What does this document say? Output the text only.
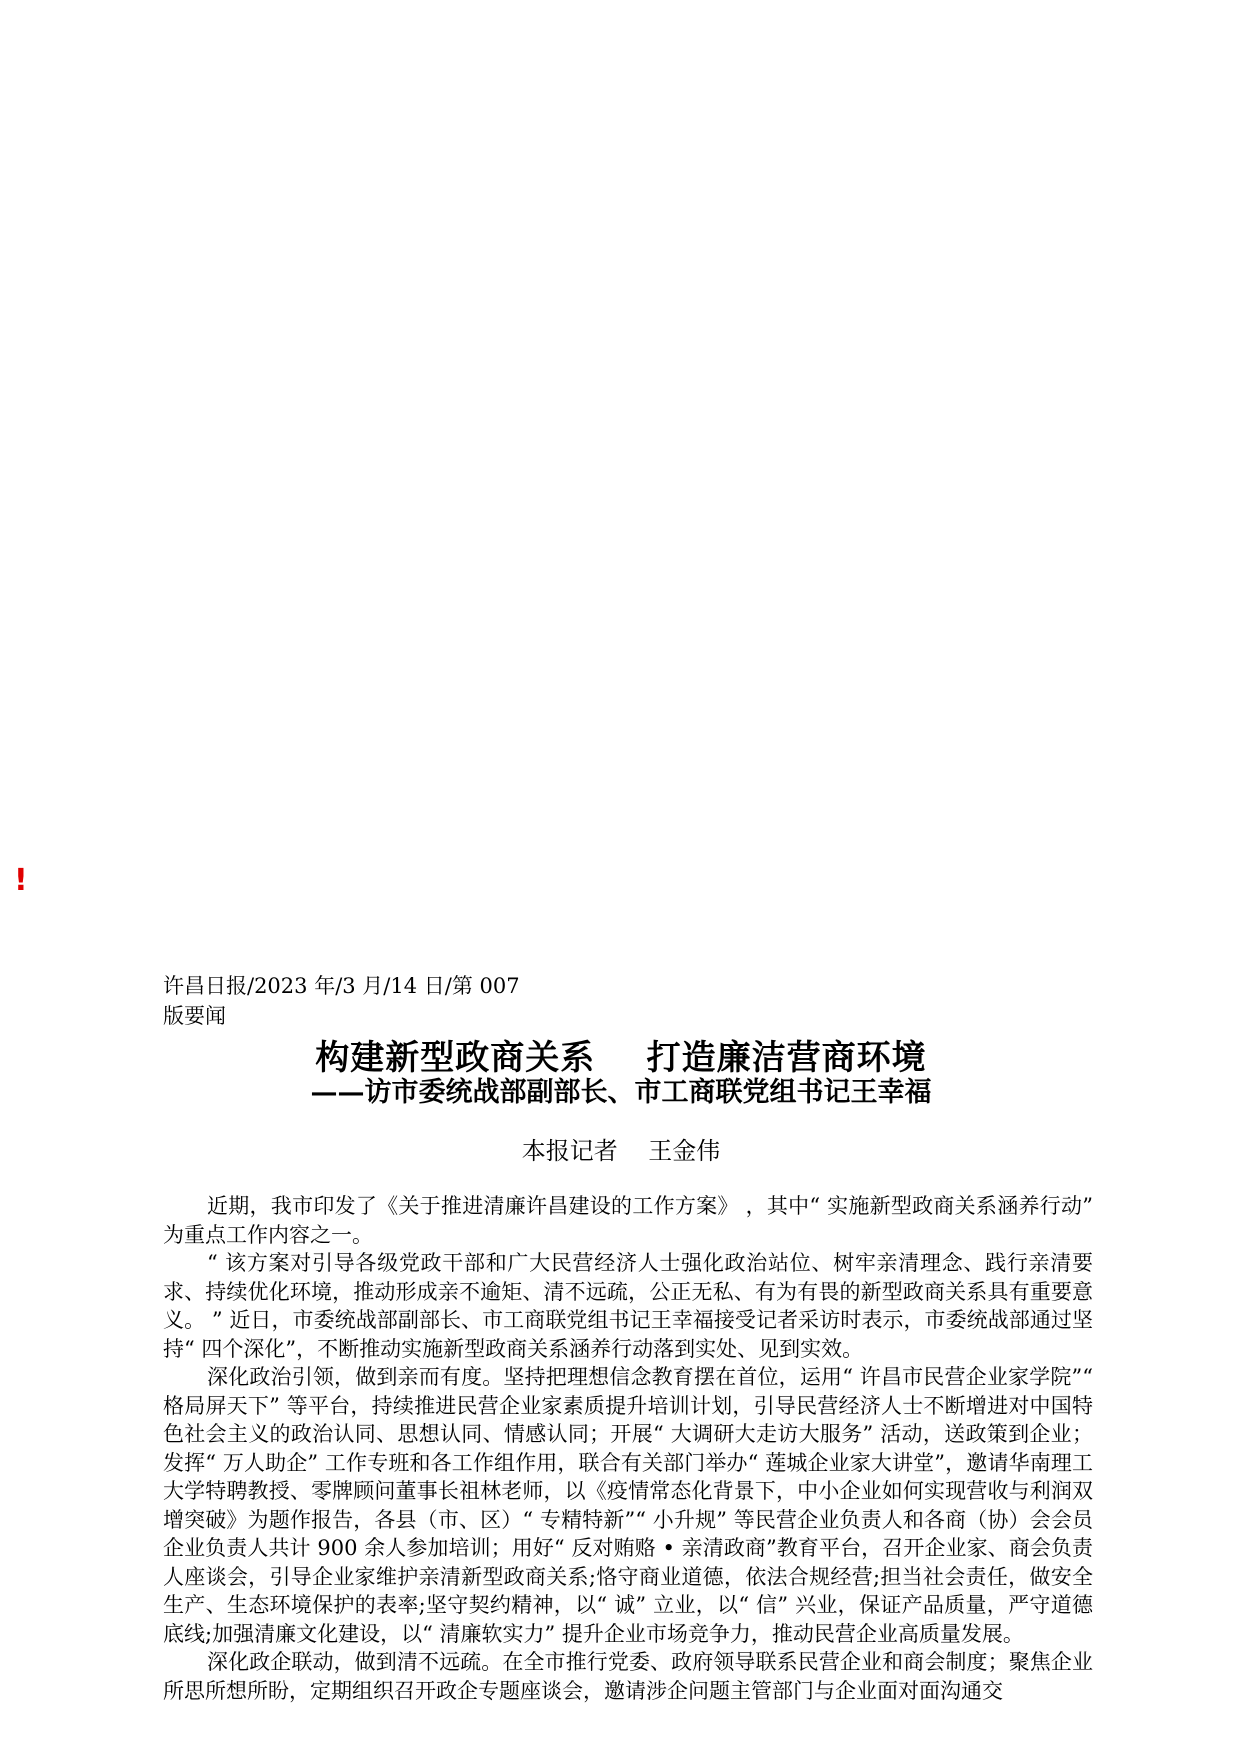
!
许昌日报/2023 年/3 月/14 日/第 007
版要闻
构建新型政商关系    打造廉洁营商环境
——访市委统战部副部长、市工商联党组书记王幸福
本报记者    王金伟

近期，我市印发了《关于推进清廉许昌建设的工作方案》 ，其中“ 实施新型政商关系涵养行动” 为重点工作内容之一。

“ 该方案对引导各级党政干部和广大民营经济人士强化政治站位、树牢亲清理念、践行亲清要求、持续优化环境，推动形成亲不逾矩、清不远疏，公正无私、有为有畏的新型政商关系具有重要意义。 ” 近日，市委统战部副部长、市工商联党组书记王幸福接受记者采访时表示，市委统战部通过坚持“ 四个深化”，不断推动实施新型政商关系涵养行动落到实处、见到实效。

深化政治引领，做到亲而有度。坚持把理想信念教育摆在首位，运用“ 许昌市民营企业家学院”“ 格局屏天下” 等平台，持续推进民营企业家素质提升培训计划，引导民营经济人士不断增进对中国特色社会主义的政治认同、思想认同、情感认同；开展“ 大调研大走访大服务” 活动，送政策到企业；发挥“ 万人助企” 工作专班和各工作组作用，联合有关部门举办“ 莲城企业家大讲堂”，邀请华南理工大学特聘教授、零牌顾问董事长祖林老师，以《疫情常态化背景下，中小企业如何实现营收与利润双增突破》为题作报告，各县（市、区）“ 专精特新”“ 小升规” 等民营企业负责人和各商（协）会会员企业负责人共计 900 余人参加培训；用好“ 反对贿赂 • 亲清政商”教育平台，召开企业家、商会负责人座谈会，引导企业家维护亲清新型政商关系;恪守商业道德，依法合规经营;担当社会责任，做安全生产、生态环境保护的表率;坚守契约精神，以“ 诚” 立业，以“ 信” 兴业，保证产品质量，严守道德底线;加强清廉文化建设，以“ 清廉软实力” 提升企业市场竞争力，推动民营企业高质量发展。

深化政企联动，做到清不远疏。在全市推行党委、政府领导联系民营企业和商会制度；聚焦企业所思所想所盼，定期组织召开政企专题座谈会，邀请涉企问题主管部门与企业面对面沟通交
